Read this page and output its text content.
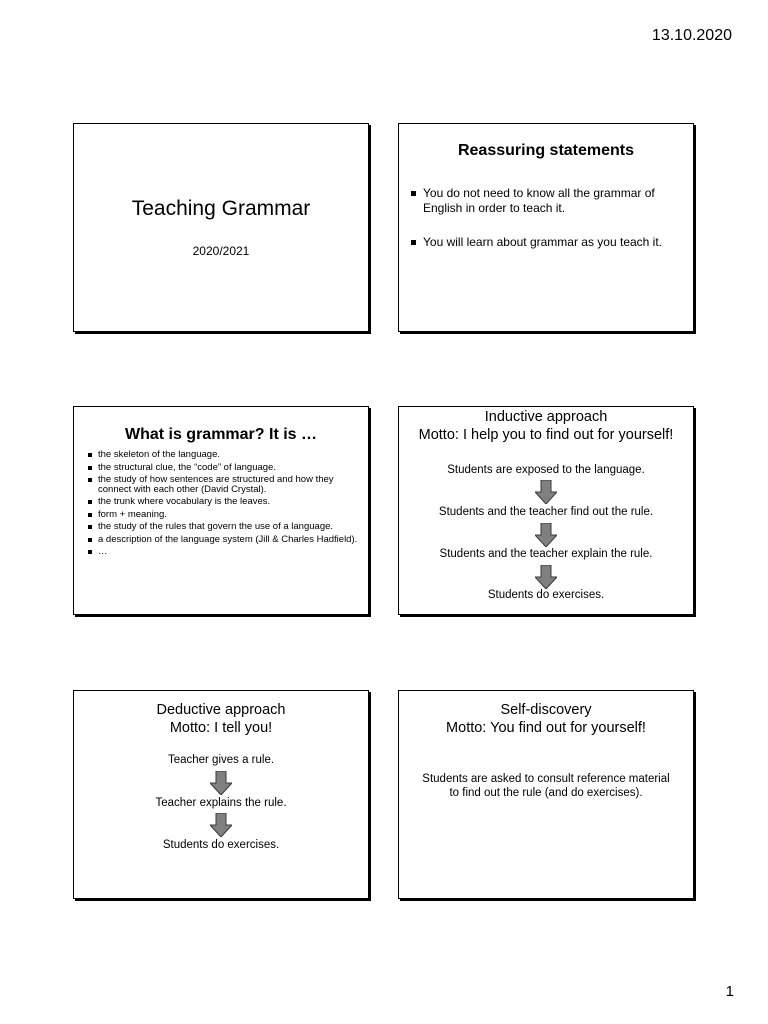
13.10.2020
Teaching Grammar
2020/2021
Reassuring statements
You do not need to know all the grammar of English in order to teach it.
You will learn about grammar as you teach it.
What is grammar? It is …
the skeleton of the language.
the structural clue, the “code” of language.
the study of how sentences are structured and how they connect with each other (David Crystal).
the trunk where vocabulary is the leaves.
form + meaning.
the study of the rules that govern the use of a language.
a description of the language system (Jill & Charles Hadfield).
…
Inductive approach
Motto: I help you to find out for yourself!
Students are exposed to the language.
Students and the teacher find out the rule.
Students and the teacher explain the rule.
Students do exercises.
Deductive approach
Motto: I tell you!
Teacher gives a rule.
Teacher explains the rule.
Students do exercises.
Self-discovery
Motto: You find out for yourself!
Students are asked to consult reference material to find out the rule (and do exercises).
1
